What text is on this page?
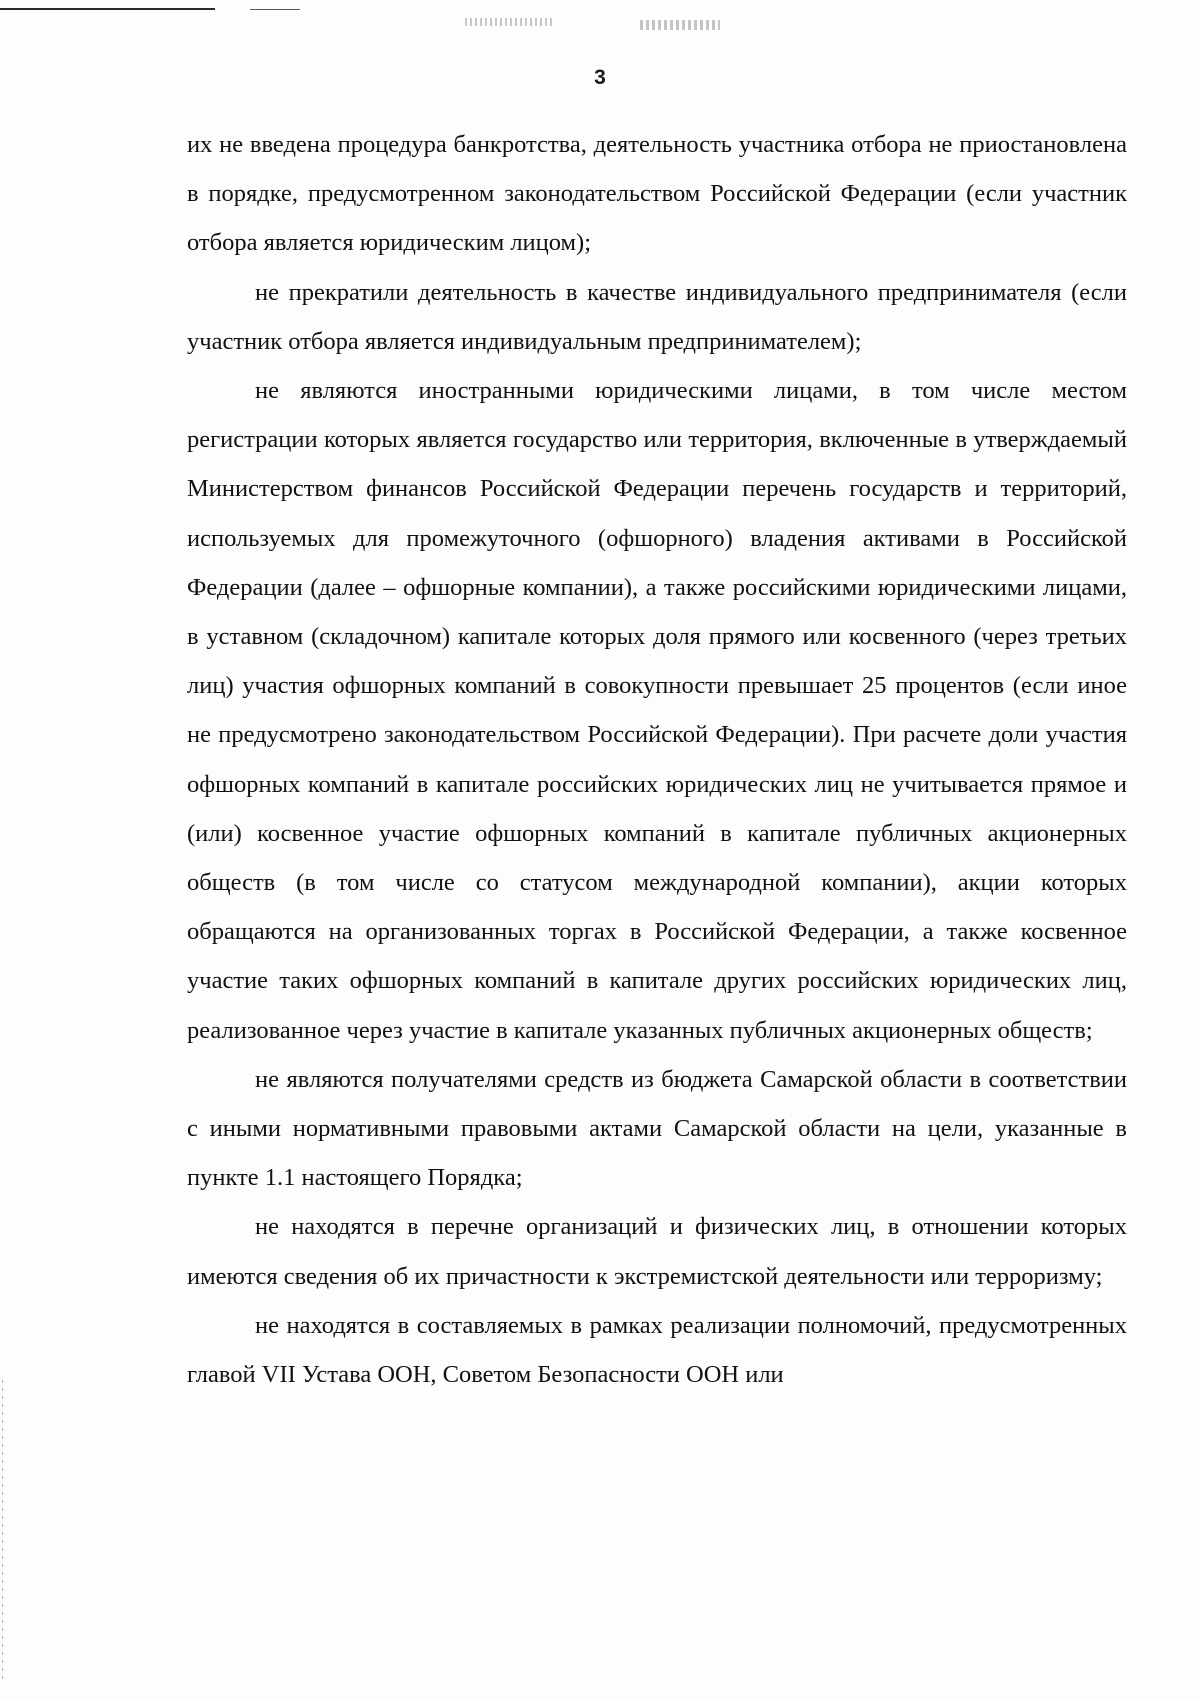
3

их не введена процедура банкротства, деятельность участника отбора не приостановлена в порядке, предусмотренном законодательством Российской Федерации (если участник отбора является юридическим лицом);

не прекратили деятельность в качестве индивидуального предпринимателя (если участник отбора является индивидуальным предпринимателем);

не являются иностранными юридическими лицами, в том числе местом регистрации которых является государство или территория, включенные в утверждаемый Министерством финансов Российской Федерации перечень государств и территорий, используемых для промежуточного (офшорного) владения активами в Российской Федерации (далее – офшорные компании), а также российскими юридическими лицами, в уставном (складочном) капитале которых доля прямого или косвенного (через третьих лиц) участия офшорных компаний в совокупности превышает 25 процентов (если иное не предусмотрено законодательством Российской Федерации). При расчете доли участия офшорных компаний в капитале российских юридических лиц не учитывается прямое и (или) косвенное участие офшорных компаний в капитале публичных акционерных обществ (в том числе со статусом международной компании), акции которых обращаются на организованных торгах в Российской Федерации, а также косвенное участие таких офшорных компаний в капитале других российских юридических лиц, реализованное через участие в капитале указанных публичных акционерных обществ;

не являются получателями средств из бюджета Самарской области в соответствии с иными нормативными правовыми актами Самарской области на цели, указанные в пункте 1.1 настоящего Порядка;

не находятся в перечне организаций и физических лиц, в отношении которых имеются сведения об их причастности к экстремистской деятельности или терроризму;

не находятся в составляемых в рамках реализации полномочий, предусмотренных главой VII Устава ООН, Советом Безопасности ООН или
